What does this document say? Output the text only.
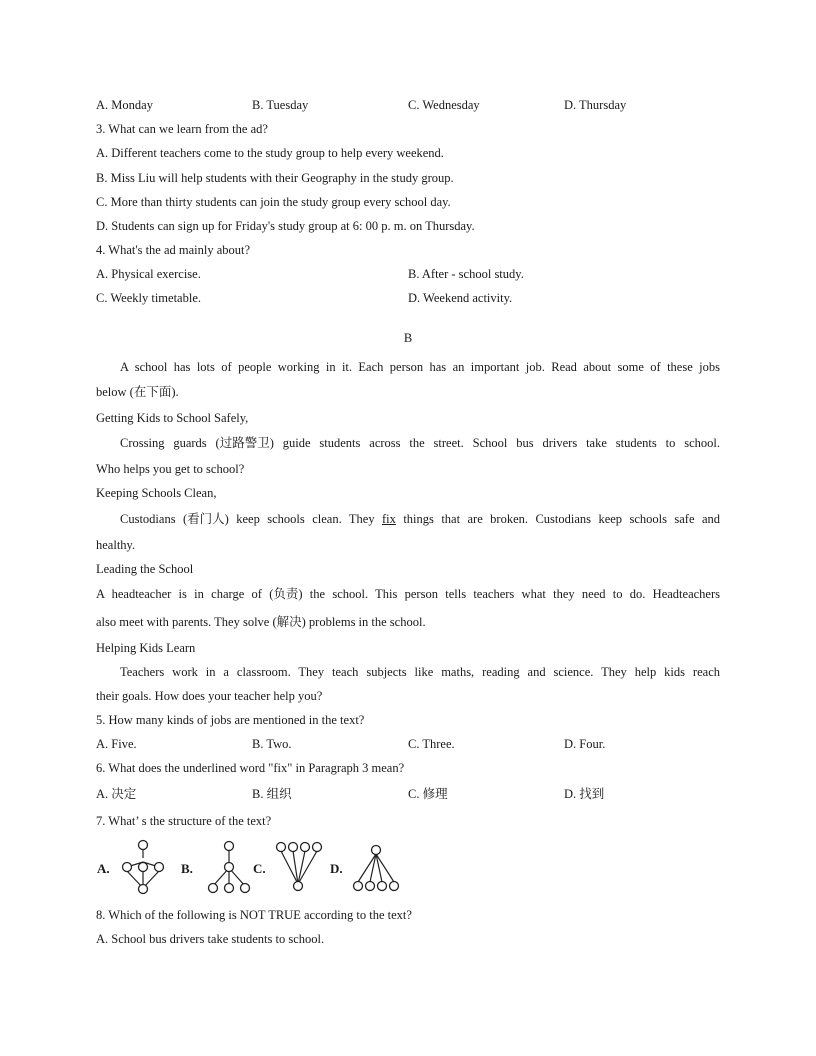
A. Monday	B. Tuesday	C. Wednesday	D. Thursday
3. What can we learn from the ad?
A. Different teachers come to the study group to help every weekend.
B. Miss Liu will help students with their Geography in the study group.
C. More than thirty students can join the study group every school day.
D. Students can sign up for Friday's study group at 6: 00 p. m. on Thursday.
4. What's the ad mainly about?
A. Physical exercise.	B. After - school study.
C. Weekly timetable.	D. Weekend activity.
B
A school has lots of people working in it. Each person has an important job. Read about some of these jobs
below (在下面).
Getting Kids to School Safely,
Crossing guards (过路警卫) guide students across the street. School bus drivers take students to school.
Who helps you get to school?
Keeping Schools Clean,
Custodians (看门人) keep schools clean. They fix things that are broken. Custodians keep schools safe and
healthy.
Leading the School
A headteacher is in charge of (负责) the school. This person tells teachers what they need to do. Headteachers
also meet with parents. They solve (解决) problems in the school.
Helping Kids Learn
Teachers work in a classroom. They teach subjects like maths, reading and science. They help kids reach
their goals. How does your teacher help you?
5. How many kinds of jobs are mentioned in the text?
A. Five.	B. Two.	C. Three.	D. Four.
6. What does the underlined word "fix" in Paragraph 3 mean?
A. 决定	B. 组织	C. 修理	D. 找到
7. What’ s the structure of the text?
A.	B.	C.	D.
8. Which of the following is NOT TRUE according to the text?
A. School bus drivers take students to school.
